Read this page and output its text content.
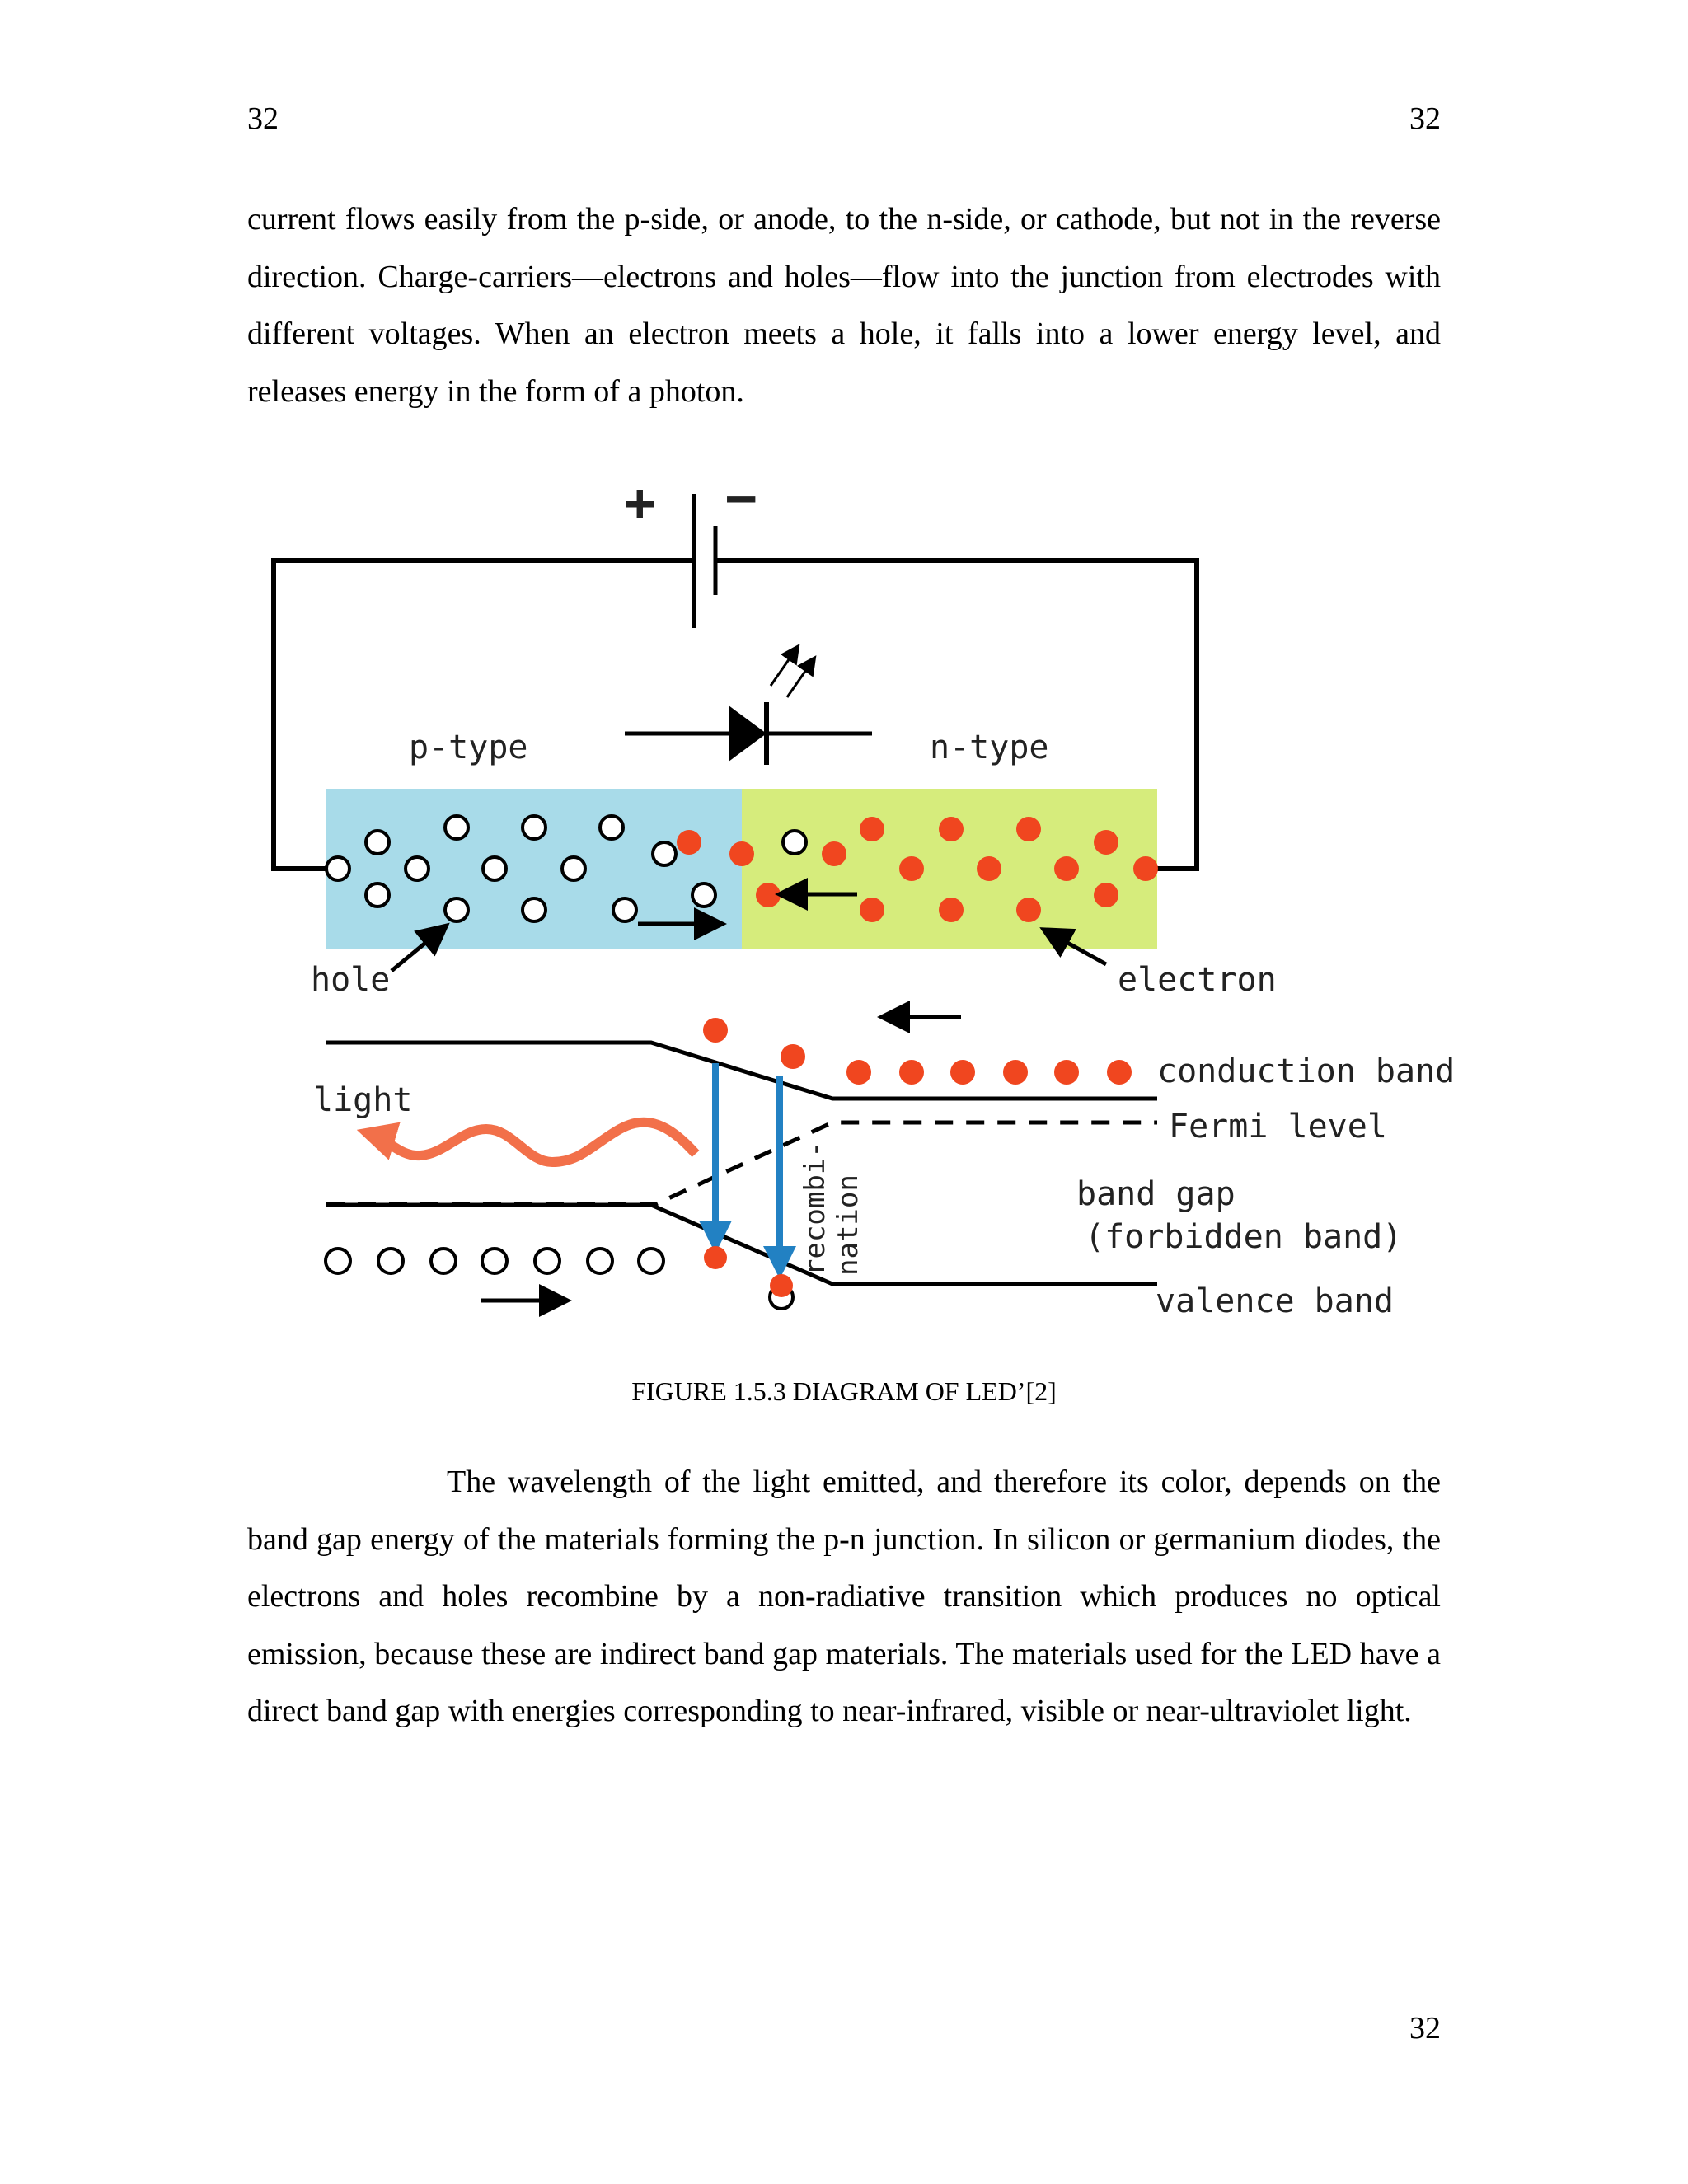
32	32
current flows easily from the p-side, or anode, to the n-side, or cathode, but not in the reverse direction. Charge-carriers—electrons and holes—flow into the junction from electrodes with different voltages. When an electron meets a hole, it falls into a lower energy level, and releases energy in the form of a photon.
+ −
p-type	n-type
hole	electron
recombi- nation
light
conduction band
Fermi level
band gap
(forbidden band)
valence band
FIGURE 1.5.3 DIAGRAM OF LED’[2]
The wavelength of the light emitted, and therefore its color, depends on the band gap energy of the materials forming the p-n junction. In silicon or germanium diodes, the electrons and holes recombine by a non-radiative transition which produces no optical emission, because these are indirect band gap materials. The materials used for the LED have a direct band gap with energies corresponding to near-infrared, visible or near-ultraviolet light.
32
